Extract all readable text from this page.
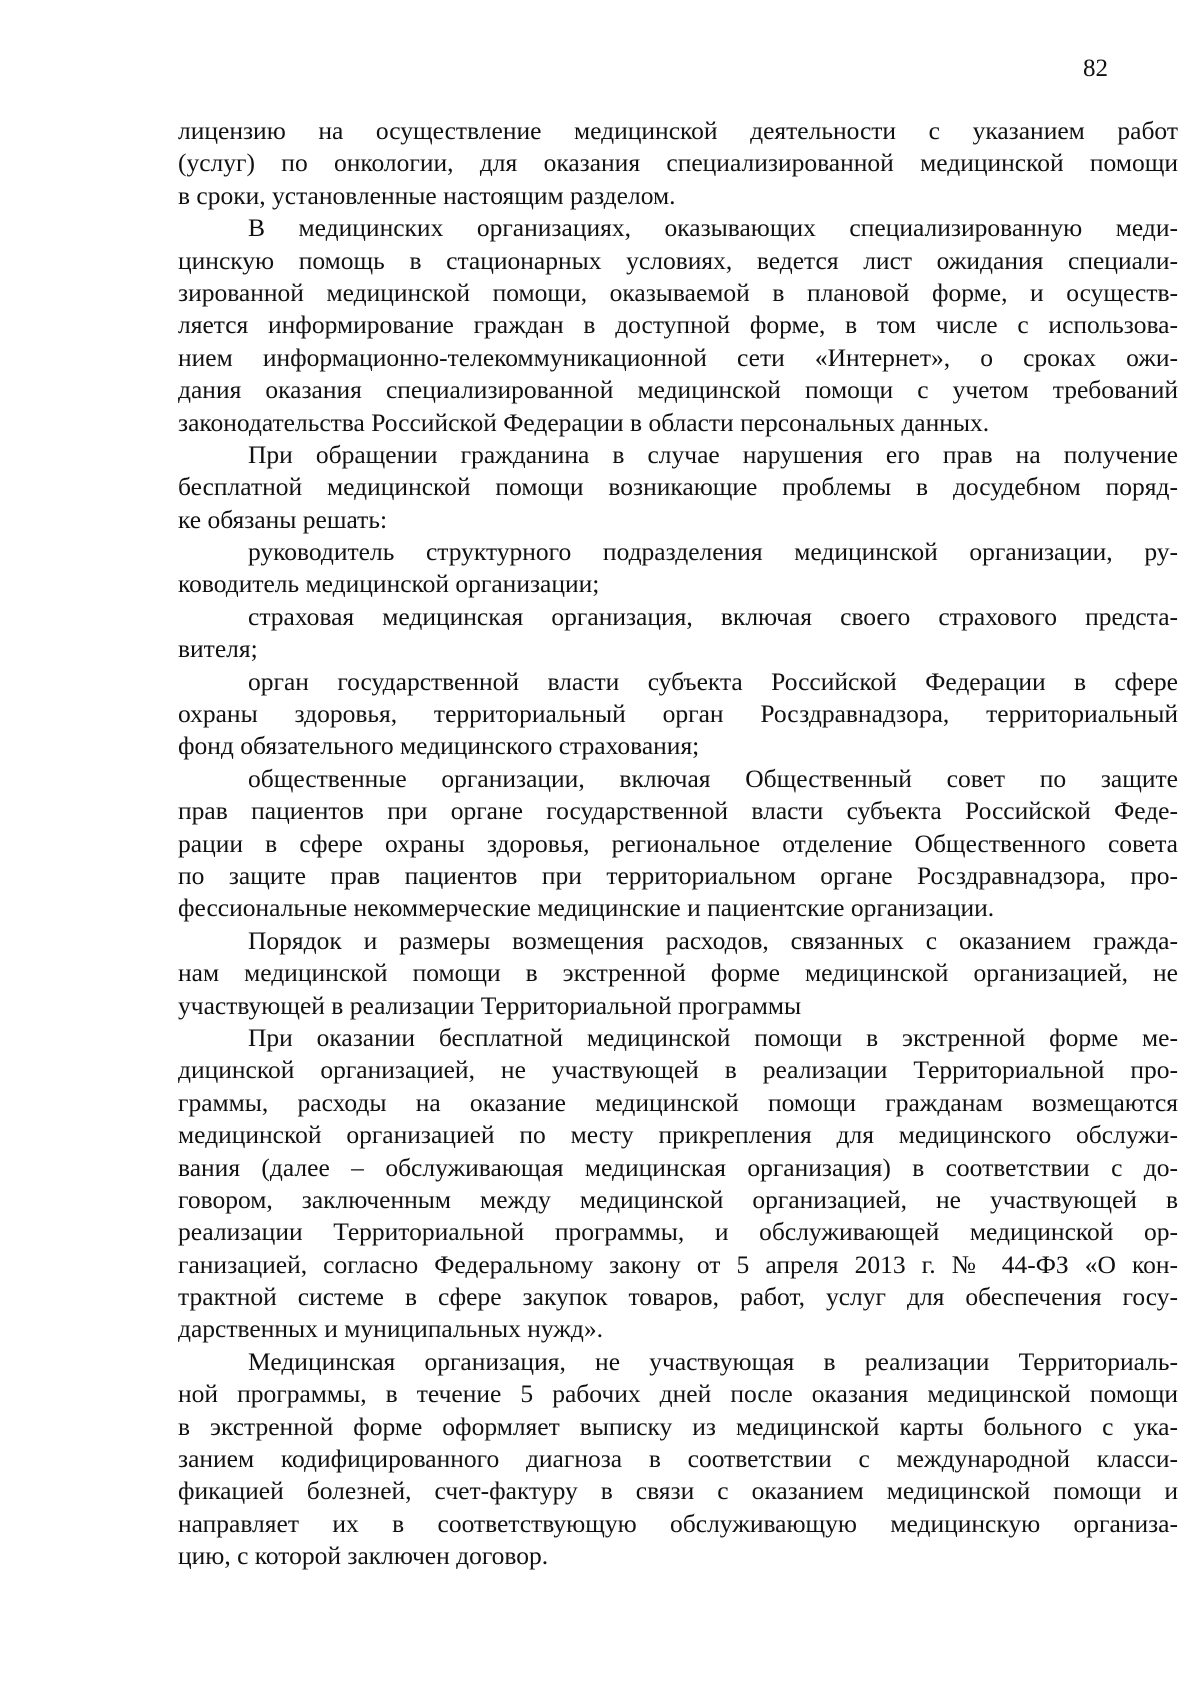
82
лицензию на осуществление медицинской деятельности с указанием работ
(услуг) по онкологии, для оказания специализированной медицинской помощи
в сроки, установленные настоящим разделом.
В медицинских организациях, оказывающих специализированную меди-
цинскую помощь в стационарных условиях, ведется лист ожидания специали-
зированной медицинской помощи, оказываемой в плановой форме, и осуществ-
ляется информирование граждан в доступной форме, в том числе с использова-
нием информационно-телекоммуникационной сети «Интернет», о сроках ожи-
дания оказания специализированной медицинской помощи с учетом требований
законодательства Российской Федерации в области персональных данных.
При обращении гражданина в случае нарушения его прав на получение
бесплатной медицинской помощи возникающие проблемы в досудебном поряд-
ке обязаны решать:
руководитель структурного подразделения медицинской организации, ру-
ководитель медицинской организации;
страховая медицинская организация, включая своего страхового предста-
вителя;
орган государственной власти субъекта Российской Федерации в сфере
охраны здоровья, территориальный орган Росздравнадзора, территориальный
фонд обязательного медицинского страхования;
общественные организации, включая Общественный совет по защите
прав пациентов при органе государственной власти субъекта Российской Феде-
рации в сфере охраны здоровья, региональное отделение Общественного совета
по защите прав пациентов при территориальном органе Росздравнадзора, про-
фессиональные некоммерческие медицинские и пациентские организации.
Порядок и размеры возмещения расходов, связанных с оказанием гражда-
нам медицинской помощи в экстренной форме медицинской организацией, не
участвующей в реализации Территориальной программы
При оказании бесплатной медицинской помощи в экстренной форме ме-
дицинской организацией, не участвующей в реализации Территориальной про-
граммы, расходы на оказание медицинской помощи гражданам возмещаются
медицинской организацией по месту прикрепления для медицинского обслужи-
вания (далее – обслуживающая медицинская организация) в соответствии с до-
говором, заключенным между медицинской организацией, не участвующей в
реализации Территориальной программы, и обслуживающей медицинской ор-
ганизацией, согласно Федеральному закону от 5 апреля 2013 г. № 44-ФЗ «О кон-
трактной системе в сфере закупок товаров, работ, услуг для обеспечения госу-
дарственных и муниципальных нужд».
Медицинская организация, не участвующая в реализации Территориаль-
ной программы, в течение 5 рабочих дней после оказания медицинской помощи
в экстренной форме оформляет выписку из медицинской карты больного с ука-
занием кодифицированного диагноза в соответствии с международной класси-
фикацией болезней, счет-фактуру в связи с оказанием медицинской помощи и
направляет их в соответствующую обслуживающую медицинскую организа-
цию, с которой заключен договор.
